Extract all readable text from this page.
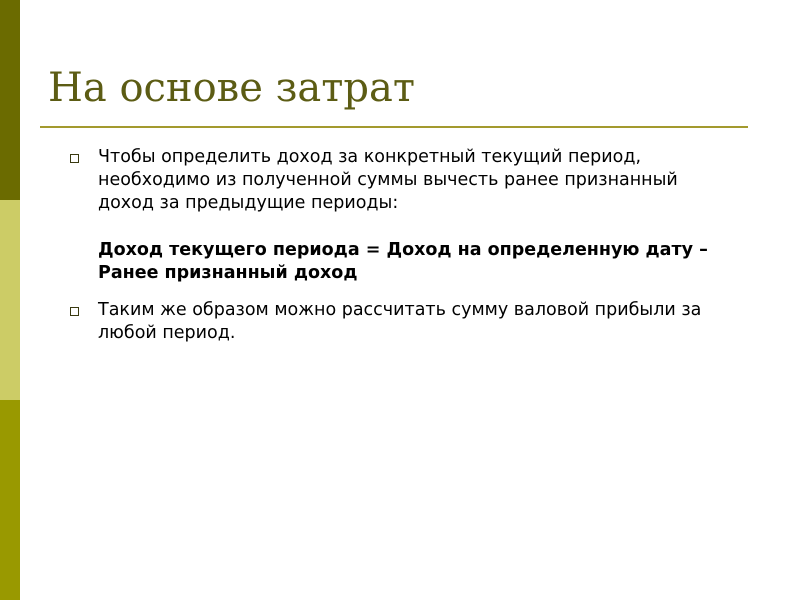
На основе затрат
Чтобы определить доход за конкретный текущий период, необходимо из полученной суммы вычесть ранее признанный доход за предыдущие периоды:
Доход текущего периода = Доход на определенную дату – Ранее признанный доход
Таким же образом можно рассчитать сумму валовой прибыли за любой период.
